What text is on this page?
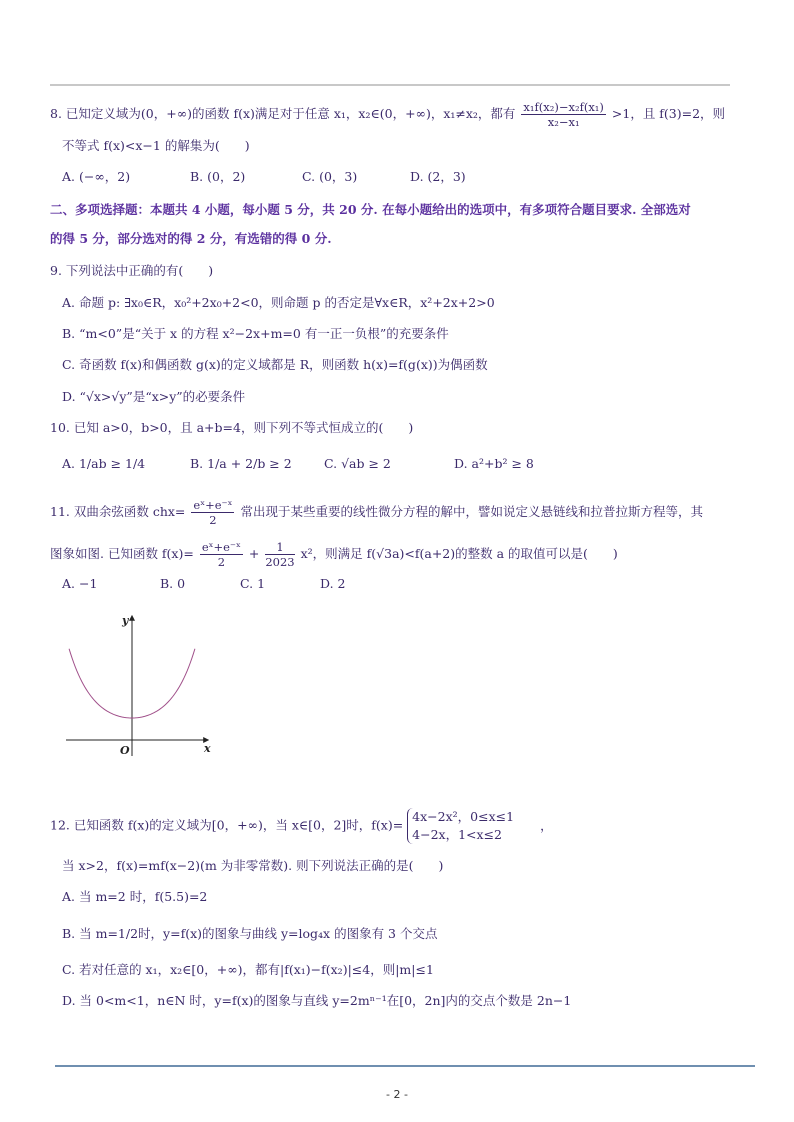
8. 已知定义域为(0，+∞)的函数 f(x)满足对于任意 x₁，x₂∈(0，+∞)，x₁≠x₂，都有 $\frac{\text{x₁f(x₂)−x₂f(x₁)}}{\text{x₂−x₁}} >1$，且 f(3)=2，则
不等式 f(x)<x−1 的解集为(　　)
A. (−∞，2)	B. (0，2)	C. (0，3)	D. (2，3)
二、多项选择题：本题共 4 小题，每小题 5 分，共 20 分. 在每小题给出的选项中，有多项符合题目要求. 全部选对
的得 5 分，部分选对的得 2 分，有选错的得 0 分.
9. 下列说法中正确的有(　　)
A. 命题 p: ∃x₀∈R，x₀²+2x₀+2<0，则命题 p 的否定是∀x∈R，x²+2x+2>0
B. “m<0”是“关于 x 的方程 x²−2x+m=0 有一正一负根”的充要条件
C. 奇函数 f(x)和偶函数 g(x)的定义域都是 R，则函数 h(x)=f(g(x))为偶函数
D. “√x>√y”是“x>y”的必要条件
10. 已知 a>0，b>0，且 a+b=4，则下列不等式恒成立的(　　)
A. 1/ab ≥ 1/4	B. 1/a + 2/b ≥ 2	C. √ab ≥ 2	D. a²+b² ≥ 8
11. 双曲余弦函数 $chx= \frac{\text{eˣ+e⁻ˣ}}{2}$ 常出现于某些重要的线性微分方程的解中，譬如说定义悬链线和拉普拉斯方程等，其
图象如图. 已知函数 $f(x)= \frac{\text{eˣ+e⁻ˣ}}{2} + \frac{1}{2023} x^2$，则满足 f(√3a)<f(a+2)的整数 a 的取值可以是(　　)
A. −1	B. 0	C. 1	D. 2
y
x
O
12. 已知函数 f(x)的定义域为[0，+∞)，当 x∈[0，2]时，f(x)=
4x−2x²，0≤x≤1
4−2x，1<x≤2
，
当 x>2，f(x)=mf(x−2)(m 为非零常数). 则下列说法正确的是(　　)
A. 当 m=2 时，f(5.5)=2
B. 当 m=1/2时，y=f(x)的图象与曲线 y=log₄x 的图象有 3 个交点
C. 若对任意的 x₁，x₂∈[0，+∞)，都有|f(x₁)−f(x₂)|≤4，则|m|≤1
D. 当 0<m<1，n∈N 时，y=f(x)的图象与直线 y=2mⁿ⁻¹在[0，2n]内的交点个数是 2n−1
- 2 -
